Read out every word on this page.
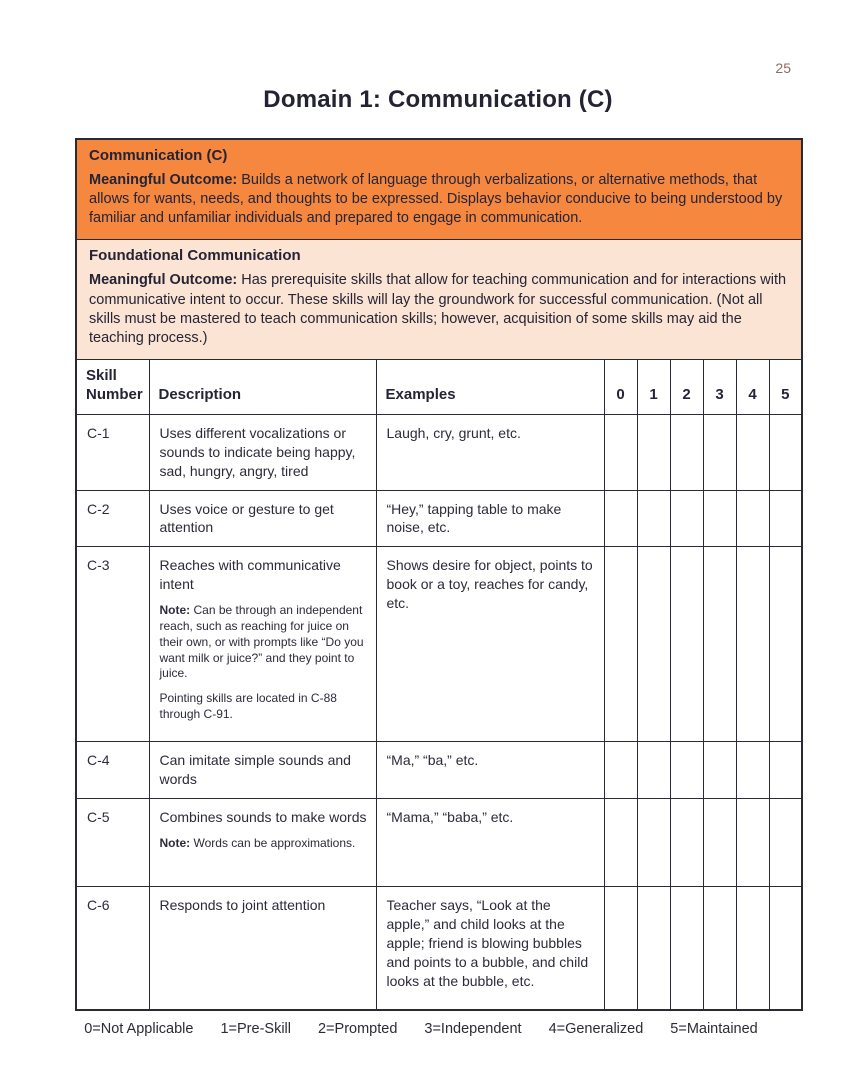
25
Domain 1: Communication (C)

Communication (C)

Meaningful Outcome: Builds a network of language through verbalizations, or alternative methods, that allows for wants, needs, and thoughts to be expressed. Displays behavior conducive to being understood by familiar and unfamiliar individuals and prepared to engage in communication.								

Foundational Communication

Meaningful Outcome: Has prerequisite skills that allow for teaching communication and for interactions with communicative intent to occur. These skills will lay the groundwork for successful communication. (Not all skills must be mastered to teach communication skills; however, acquisition of some skills may aid the teaching process.)								

Skill Number	Description	Examples	0	1	2	3	4	5
C-1	Uses different vocalizations or sounds to indicate being happy, sad, hungry, angry, tired	Laugh, cry, grunt, etc.						

C-2	Uses voice or gesture to get attention	“Hey,” tapping table to make noise, etc.						

C-3	Reaches with communicative intent

Note: Can be through an independent reach, such as reaching for juice on their own, or with prompts like “Do you want milk or juice?” and they point to juice.

Pointing skills are located in C-88 through C-91.	Shows desire for object, points to book or a toy, reaches for candy, etc.						

C-4	Can imitate simple sounds and words	“Ma,” “ba,” etc.						

C-5	Combines sounds to make words

Note: Words can be approximations.	“Mama,” “baba,” etc.						

C-6	Responds to joint attention	Teacher says, “Look at the apple,” and child looks at the apple; friend is blowing bubbles and points to a bubble, and child looks at the bubble, etc.						

0=Not Applicable 1=Pre-Skill 2=Prompted 3=Independent 4=Generalized 5=Maintained
